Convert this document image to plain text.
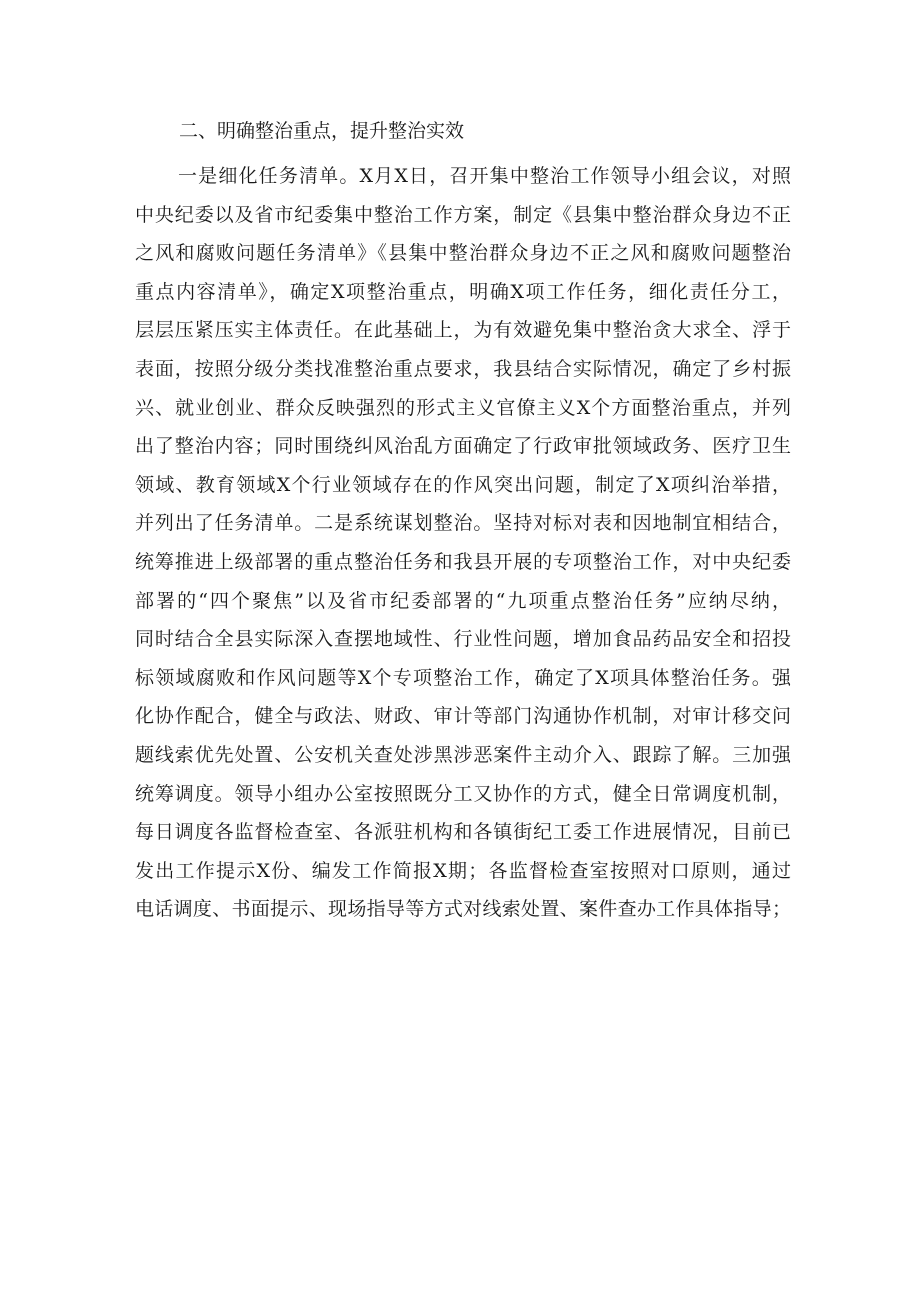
二、明确整治重点，提升整治实效
一是细化任务清单。X月X日，召开集中整治工作领导小组会议，对照
中央纪委以及省市纪委集中整治工作方案，制定《县集中整治群众身边不正
之风和腐败问题任务清单》《县集中整治群众身边不正之风和腐败问题整治
重点内容清单》，确定X项整治重点，明确X项工作任务，细化责任分工，
层层压紧压实主体责任。在此基础上，为有效避免集中整治贪大求全、浮于
表面，按照分级分类找准整治重点要求，我县结合实际情况，确定了乡村振
兴、就业创业、群众反映强烈的形式主义官僚主义X个方面整治重点，并列
出了整治内容；同时围绕纠风治乱方面确定了行政审批领域政务、医疗卫生
领域、教育领域X个行业领域存在的作风突出问题，制定了X项纠治举措，
并列出了任务清单。二是系统谋划整治。坚持对标对表和因地制宜相结合，
统筹推进上级部署的重点整治任务和我县开展的专项整治工作，对中央纪委
部署的“四个聚焦”以及省市纪委部署的“九项重点整治任务”应纳尽纳，
同时结合全县实际深入查摆地域性、行业性问题，增加食品药品安全和招投
标领域腐败和作风问题等X个专项整治工作，确定了X项具体整治任务。强
化协作配合，健全与政法、财政、审计等部门沟通协作机制，对审计移交问
题线索优先处置、公安机关查处涉黑涉恶案件主动介入、跟踪了解。三加强
统筹调度。领导小组办公室按照既分工又协作的方式，健全日常调度机制，
每日调度各监督检查室、各派驻机构和各镇街纪工委工作进展情况，目前已
发出工作提示X份、编发工作简报X期；各监督检查室按照对口原则，通过
电话调度、书面提示、现场指导等方式对线索处置、案件查办工作具体指导；
